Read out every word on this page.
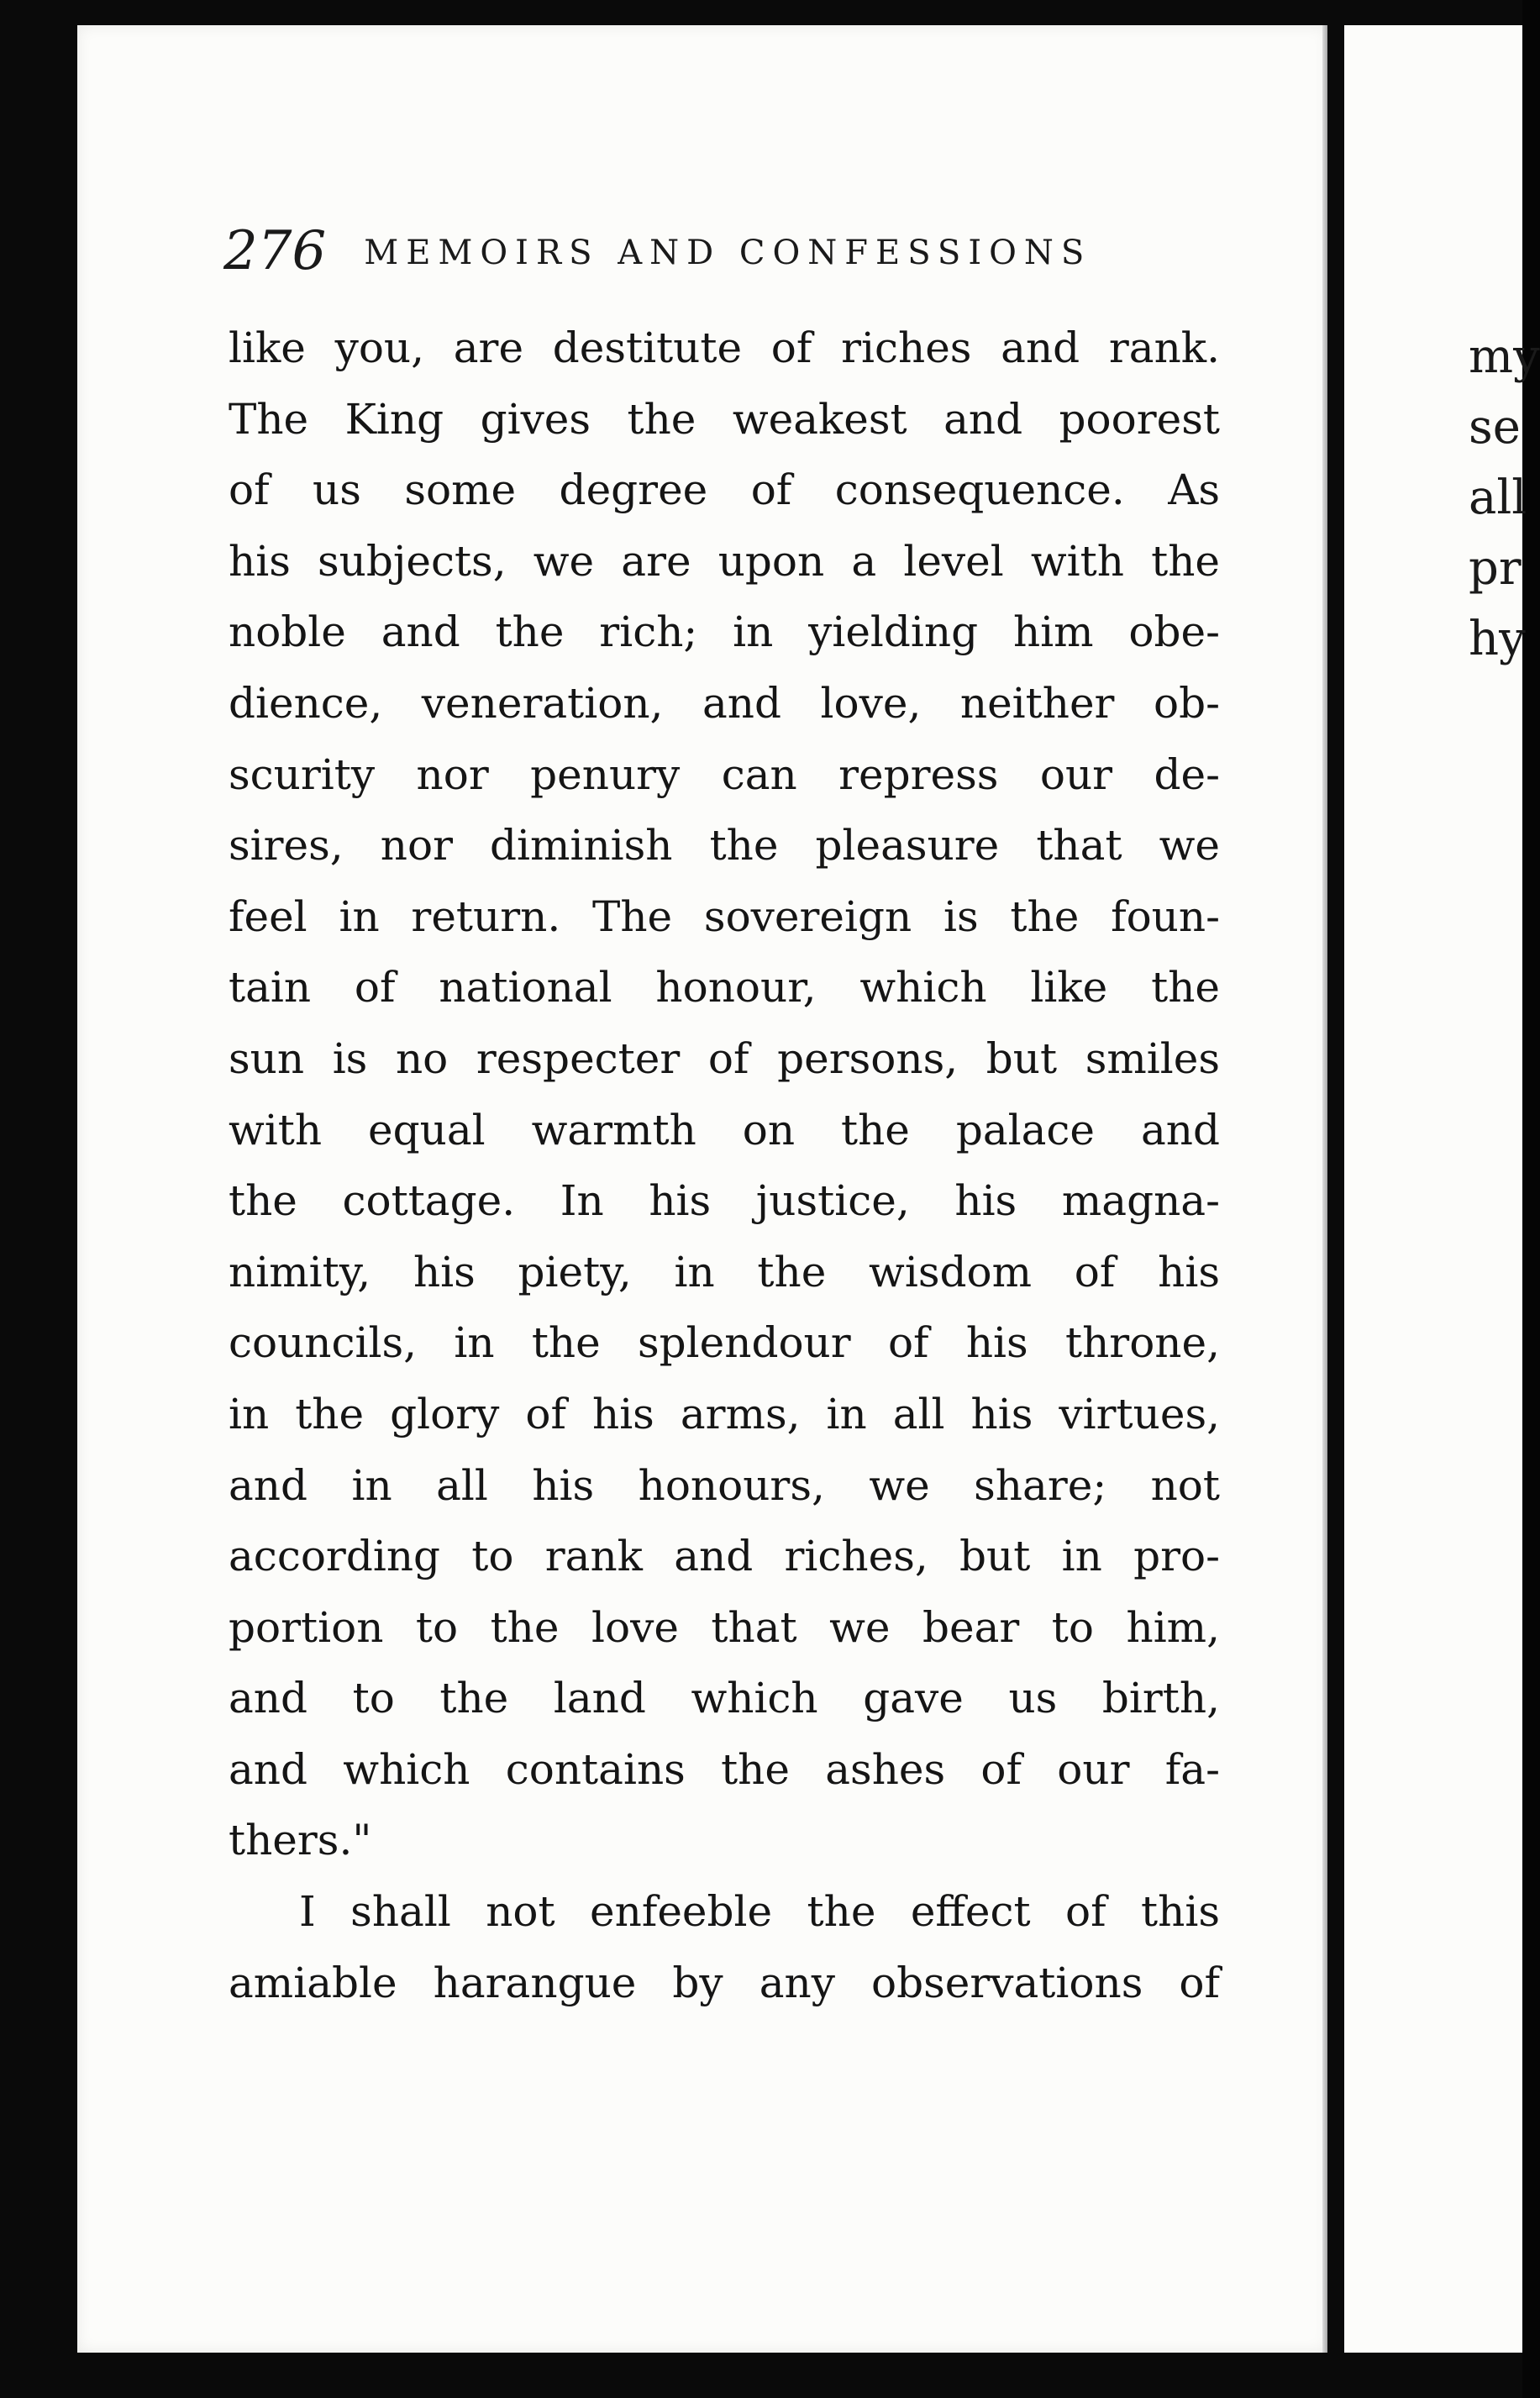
276 MEMOIRS AND CONFESSIONS
like you, are destitute of riches and rank.
The King gives the weakest and poorest
of us some degree of consequence. As
his subjects, we are upon a level with the
noble and the rich; in yielding him obe-
dience, veneration, and love, neither ob-
scurity nor penury can repress our de-
sires, nor diminish the pleasure that we
feel in return. The sovereign is the foun-
tain of national honour, which like the
sun is no respecter of persons, but smiles
with equal warmth on the palace and
the cottage. In his justice, his magna-
nimity, his piety, in the wisdom of his
councils, in the splendour of his throne,
in the glory of his arms, in all his virtues,
and in all his honours, we share; not
according to rank and riches, but in pro-
portion to the love that we bear to him,
and to the land which gave us birth,
and which contains the ashes of our fa-
thers."
I shall not enfeeble the effect of this
amiable harangue by any observations of
my
se
all
pr
hy
